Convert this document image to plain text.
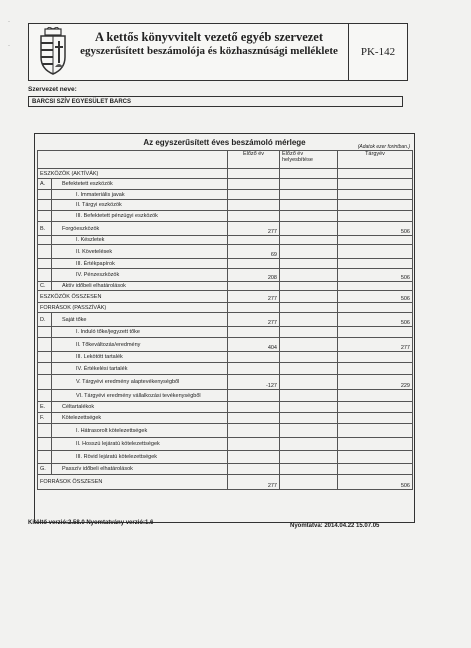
·

·
A kettős könyvvitelt vezető egyéb szervezet
egyszerűsített beszámolója és közhasznúsági melléklete	PK-142
Szervezet neve:
BARCSI SZÍV EGYESÜLET BARCS
Az egyszerűsített éves beszámoló mérlege	(Adatok ezer forintban.)
		Előző év	Előző év helyesbítése	Tárgyév
ESZKÖZÖK (AKTÍVÁK)				
A.	Befektetett eszközök			
	I. Immateriális javak			
	II. Tárgyi eszközök			
	III. Befektetett pénzügyi eszközök			
B.	Forgóeszközök	277		506
	I. Készletek			
	II. Követelések	69		
	III. Értékpapírok			
	IV. Pénzeszközök	208		506
C.	Aktív időbeli elhatárolások			
ESZKÖZÖK ÖSSZESEN		277		506
FORRÁSOK (PASSZÍVÁK)				
D.	Saját tőke	277		506
	I. Induló tőke/jegyzett tőke			
	II. Tőkeváltozás/eredmény	404		277
	III. Lekötött tartalék			
	IV. Értékelési tartalék			
	V. Tárgyévi eredmény alaptevékenységből	-127		229
	VI. Tárgyévi eredmény vállalkozási tevékenységből			
E.	Céltartalékok			
F.	Kötelezettségek			
	I. Hátrasorolt kötelezettségek			
	II. Hosszú lejáratú kötelezettségek			
	III. Rövid lejáratú kötelezettségek			
G.	Passzív időbeli elhatárolások			
FORRÁSOK ÖSSZESEN		277		506
Kitöltő verzió:2.58.0 Nyomtatvány verzió:1.6	Nyomtatva: 2014.04.22 15.07.05
